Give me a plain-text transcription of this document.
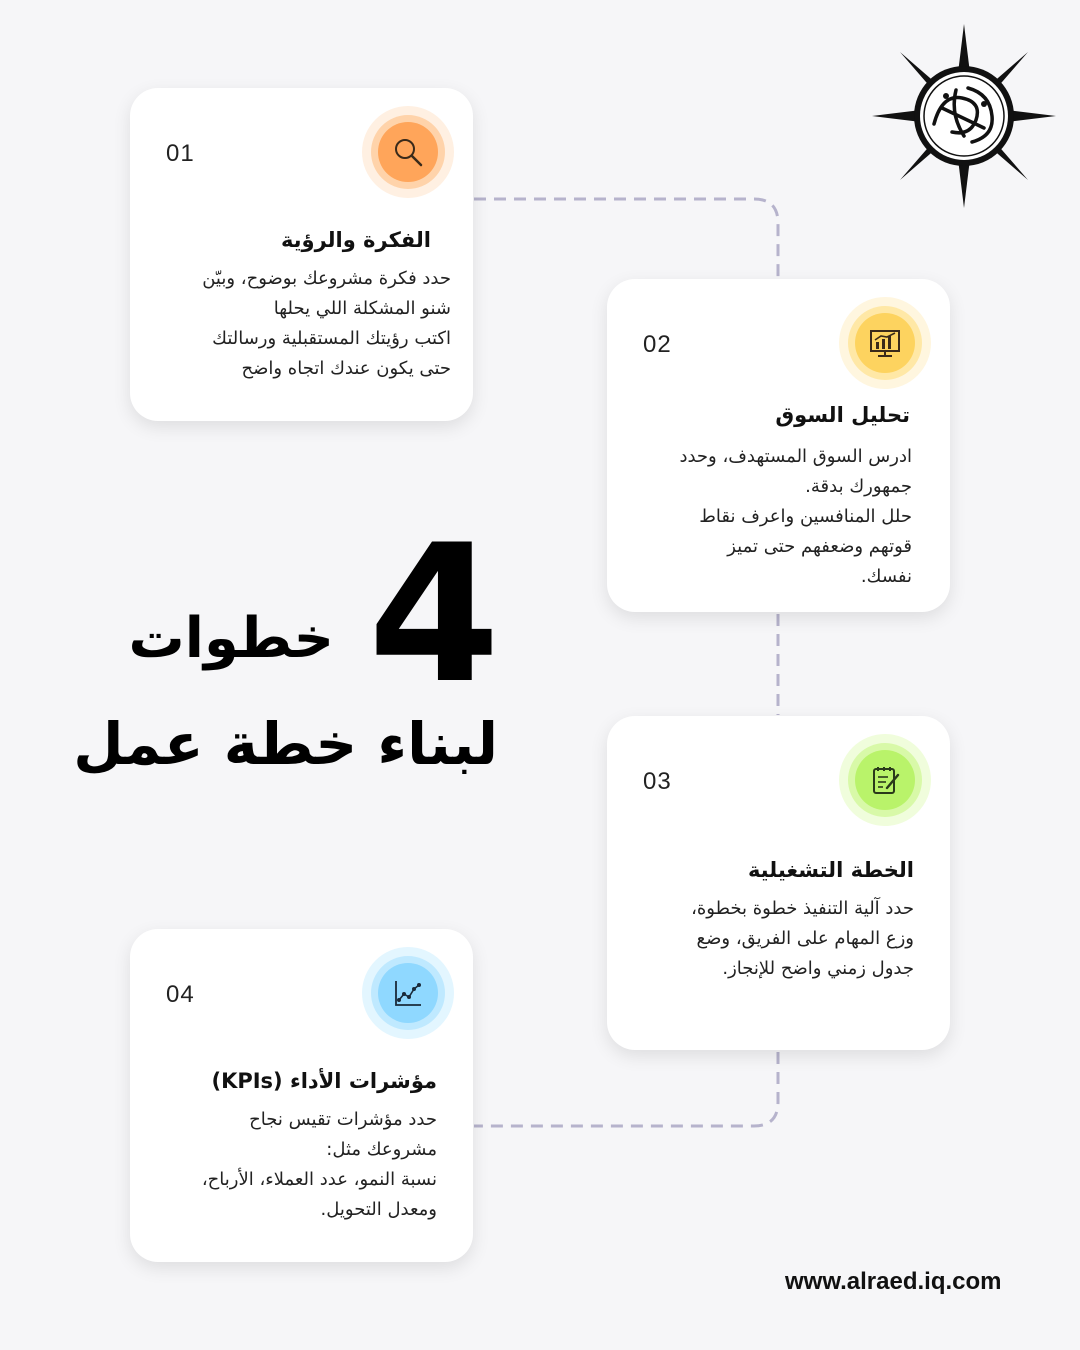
01
الفكرة والرؤية

حدد فكرة مشروعك بوضوح، وبيّن

شنو المشكلة اللي يحلها

اكتب رؤيتك المستقبلية ورسالتك

حتى يكون عندك اتجاه واضح

02
تحليل السوق

ادرس السوق المستهدف، وحدد

جمهورك بدقة.

حلل المنافسين واعرف نقاط

قوتهم وضعفهم حتى تميز

نفسك.

03
الخطة التشغيلية

حدد آلية التنفيذ خطوة بخطوة،

وزع المهام على الفريق، وضع

جدول زمني واضح للإنجاز.

04
مؤشرات الأداء (KPIs)

حدد مؤشرات تقيس نجاح

مشروعك مثل:

نسبة النمو، عدد العملاء، الأرباح،

ومعدل التحويل.

4
خطوات
لبناء خطة عمل
www.alraed.iq.com
